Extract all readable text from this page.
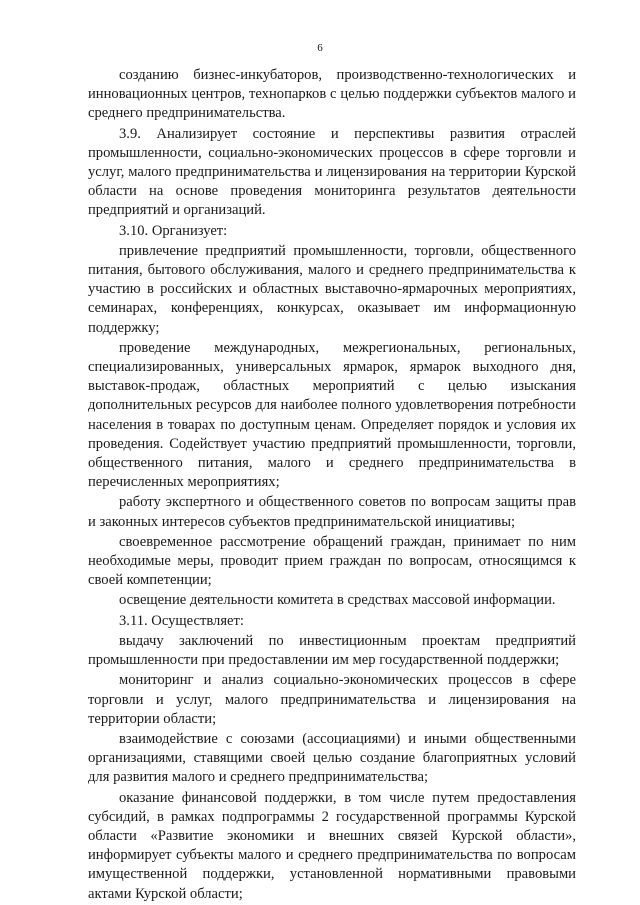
6

созданию бизнес-инкубаторов, производственно-технологических и инновационных центров, технопарков с целью поддержки субъектов малого и среднего предпринимательства.

3.9. Анализирует состояние и перспективы развития отраслей промышленности, социально-экономических процессов в сфере торговли и услуг, малого предпринимательства и лицензирования на территории Курской области на основе проведения мониторинга результатов деятельности предприятий и организаций.

3.10. Организует:

привлечение предприятий промышленности, торговли, общественного питания, бытового обслуживания, малого и среднего предпринимательства к участию в российских и областных выставочно-ярмарочных мероприятиях, семинарах, конференциях, конкурсах, оказывает им информационную поддержку;

проведение международных, межрегиональных, региональных, специализированных, универсальных ярмарок, ярмарок выходного дня, выставок-продаж, областных мероприятий с целью изыскания дополнительных ресурсов для наиболее полного удовлетворения потребности населения в товарах по доступным ценам. Определяет порядок и условия их проведения. Содействует участию предприятий промышленности, торговли, общественного питания, малого и среднего предпринимательства в перечисленных мероприятиях;

работу экспертного и общественного советов по вопросам защиты прав и законных интересов субъектов предпринимательской инициативы;

своевременное рассмотрение обращений граждан, принимает по ним необходимые меры, проводит прием граждан по вопросам, относящимся к своей компетенции;

освещение деятельности комитета в средствах массовой информации.

3.11. Осуществляет:

выдачу заключений по инвестиционным проектам предприятий промышленности при предоставлении им мер государственной поддержки;

мониторинг и анализ социально-экономических процессов в сфере торговли и услуг, малого предпринимательства и лицензирования на территории области;

взаимодействие с союзами (ассоциациями) и иными общественными организациями, ставящими своей целью создание благоприятных условий для развития малого и среднего предпринимательства;

оказание финансовой поддержки, в том числе путем предоставления субсидий, в рамках подпрограммы 2 государственной программы Курской области «Развитие экономики и внешних связей Курской области», информирует субъекты малого и среднего предпринимательства по вопросам имущественной поддержки, установленной нормативными правовыми актами Курской области;
